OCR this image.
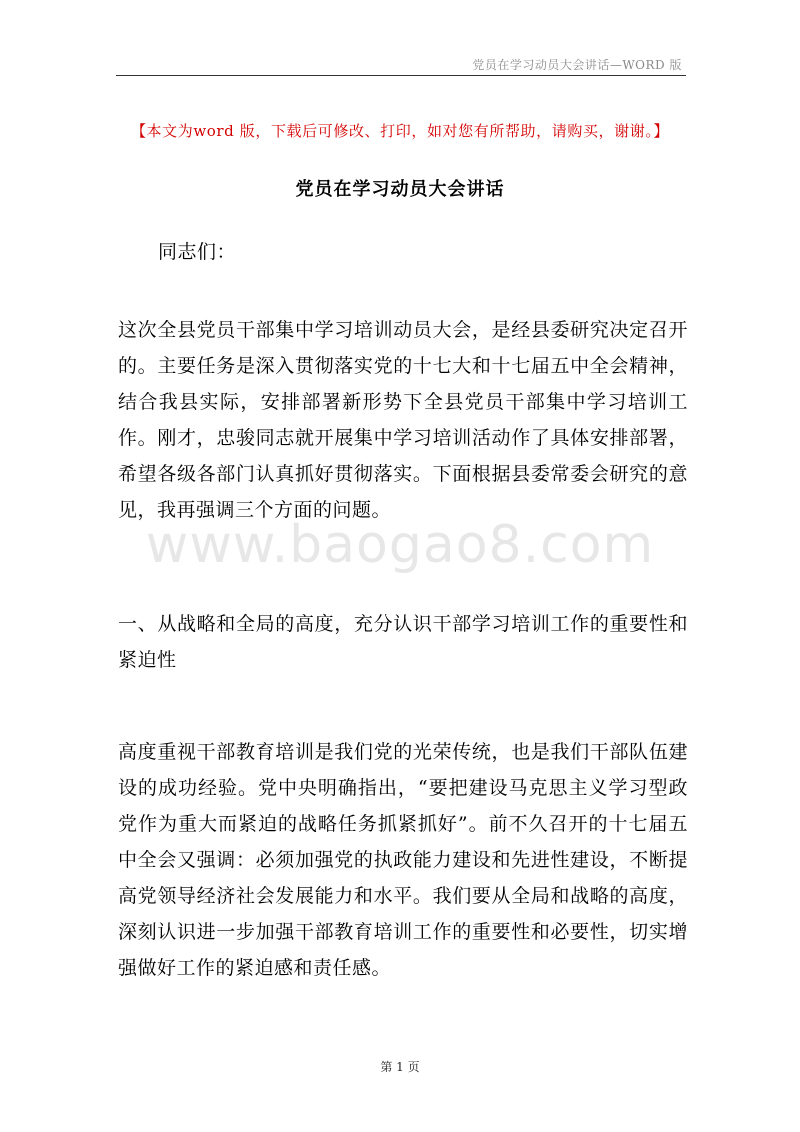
党员在学习动员大会讲话—WORD 版
【本文为word 版，下载后可修改、打印，如对您有所帮助，请购买，谢谢。】
党员在学习动员大会讲话
同志们：
这次全县党员干部集中学习培训动员大会，是经县委研究决定召开的。主要任务是深入贯彻落实党的十七大和十七届五中全会精神，结合我县实际，安排部署新形势下全县党员干部集中学习培训工作。刚才，忠骏同志就开展集中学习培训活动作了具体安排部署，希望各级各部门认真抓好贯彻落实。下面根据县委常委会研究的意见，我再强调三个方面的问题。
www.baogao8.com
一、从战略和全局的高度，充分认识干部学习培训工作的重要性和紧迫性
高度重视干部教育培训是我们党的光荣传统，也是我们干部队伍建设的成功经验。党中央明确指出，“要把建设马克思主义学习型政党作为重大而紧迫的战略任务抓紧抓好”。前不久召开的十七届五中全会又强调：必须加强党的执政能力建设和先进性建设，不断提高党领导经济社会发展能力和水平。我们要从全局和战略的高度，深刻认识进一步加强干部教育培训工作的重要性和必要性，切实增强做好工作的紧迫感和责任感。
第 1 页
